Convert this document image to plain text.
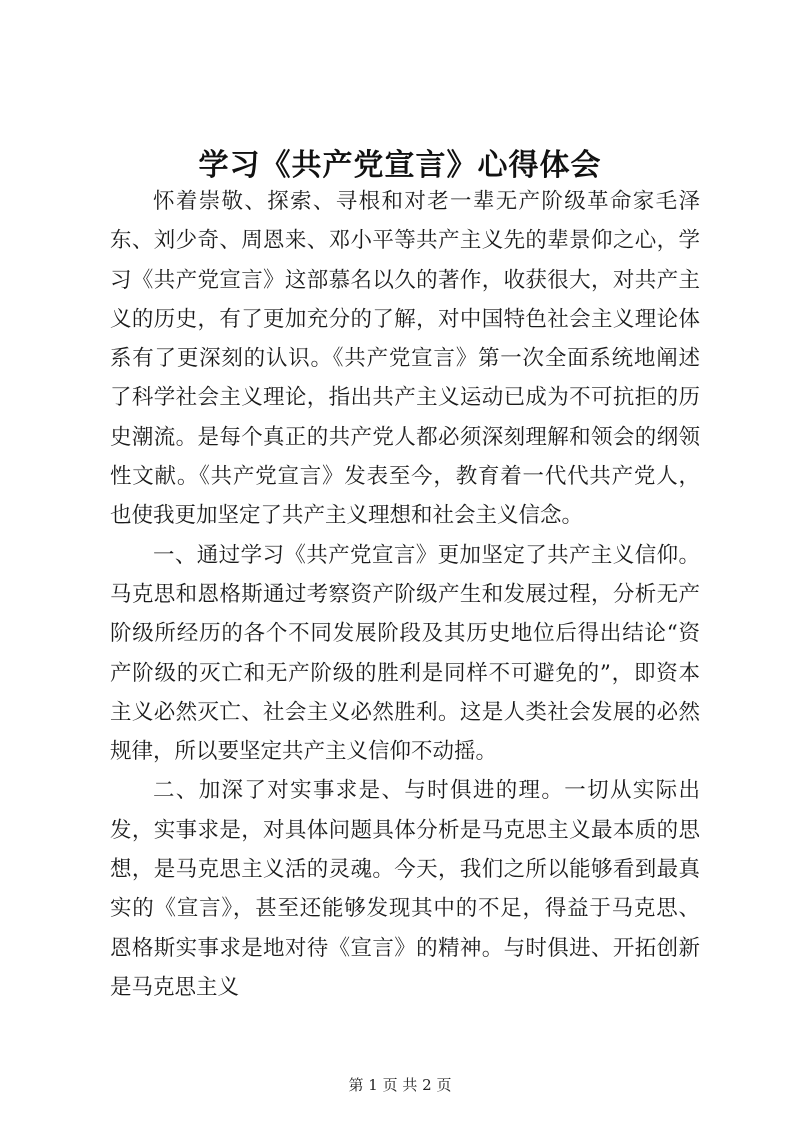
学习《共产党宣言》心得体会

怀着崇敬、探索、寻根和对老一辈无产阶级革命家毛泽东、刘少奇、周恩来、邓小平等共产主义先的辈景仰之心，学习《共产党宣言》这部慕名以久的著作，收获很大，对共产主义的历史，有了更加充分的了解，对中国特色社会主义理论体系有了更深刻的认识。《共产党宣言》第一次全面系统地阐述了科学社会主义理论，指出共产主义运动已成为不可抗拒的历史潮流。是每个真正的共产党人都必须深刻理解和领会的纲领性文献。《共产党宣言》发表至今，教育着一代代共产党人，也使我更加坚定了共产主义理想和社会主义信念。

一、通过学习《共产党宣言》更加坚定了共产主义信仰。马克思和恩格斯通过考察资产阶级产生和发展过程，分析无产阶级所经历的各个不同发展阶段及其历史地位后得出结论“资产阶级的灭亡和无产阶级的胜利是同样不可避免的”，即资本主义必然灭亡、社会主义必然胜利。这是人类社会发展的必然规律，所以要坚定共产主义信仰不动摇。

二、加深了对实事求是、与时俱进的理。一切从实际出发，实事求是，对具体问题具体分析是马克思主义最本质的思想，是马克思主义活的灵魂。今天，我们之所以能够看到最真实的《宣言》，甚至还能够发现其中的不足，得益于马克思、恩格斯实事求是地对待《宣言》的精神。与时俱进、开拓创新是马克思主义

第 1 页 共 2 页
